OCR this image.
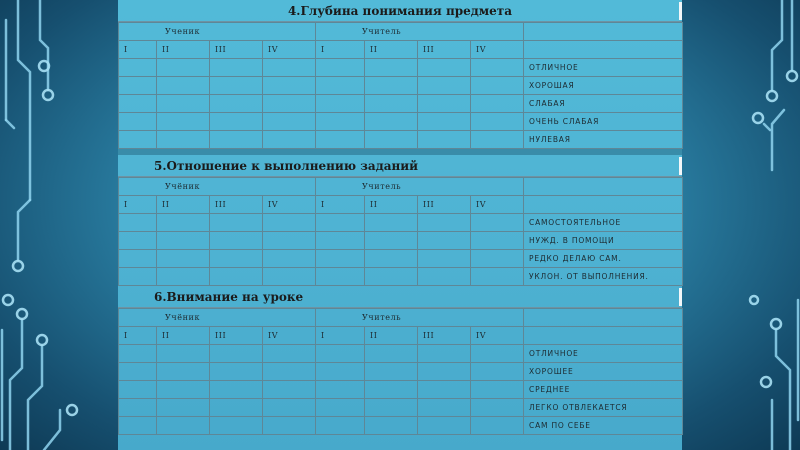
4.Глубина понимания предмета
Ученик				Учитель				
I	II	III	IV	I	II	III	IV	
								ОТЛИЧНОЕ
								ХОРОШАЯ
								СЛАБАЯ
								ОЧЕНЬ СЛАБАЯ
								НУЛЕВАЯ
5.Отношение к выполнению заданий
Учёник				Учитель				
I	II	III	IV	I	II	III	IV	
								САМОСТОЯТЕЛЬНОЕ
								НУЖД. В ПОМОЩИ
								РЕДКО ДЕЛАЮ САМ.
								УКЛОН. ОТ ВЫПОЛНЕНИЯ.
6.Внимание на уроке
Учёник				Учитель				
I	II	III	IV	I	II	III	IV	
								ОТЛИЧНОЕ
								ХОРОШЕЕ
								СРЕДНЕЕ
								ЛЕГКО ОТВЛЕКАЕТСЯ
								САМ ПО СЕБЕ
